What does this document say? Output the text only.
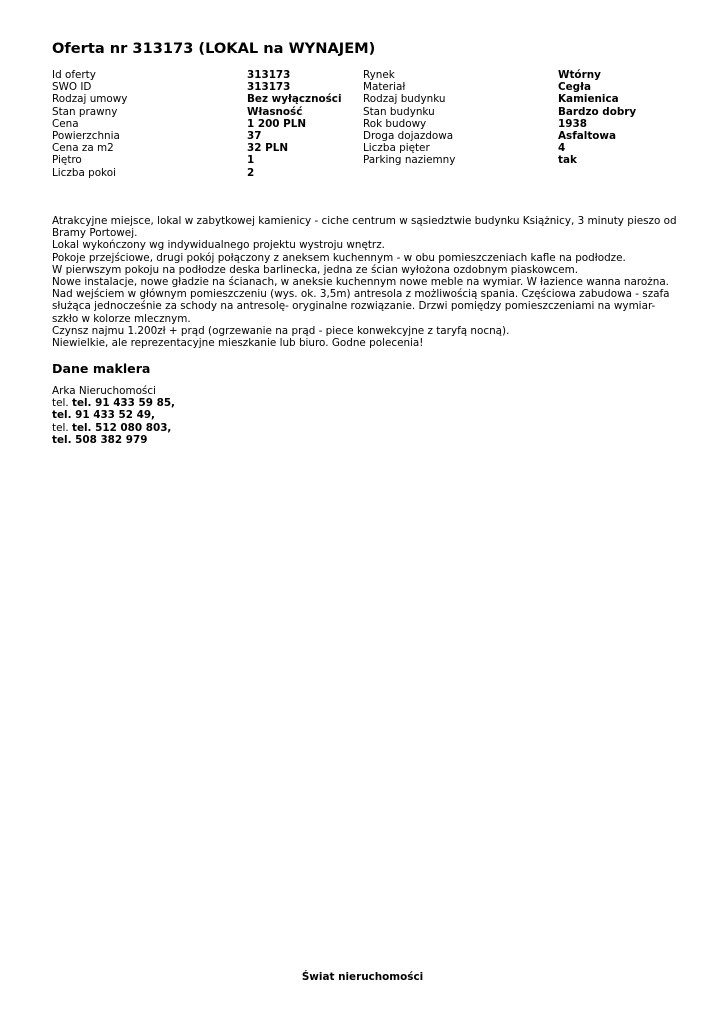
Oferta nr 313173 (LOKAL na WYNAJEM)
Id oferty	313173	Rynek	Wtórny
SWO ID	313173	Materiał	Cegła
Rodzaj umowy	Bez wyłączności	Rodzaj budynku	Kamienica
Stan prawny	Własność	Stan budynku	Bardzo dobry
Cena	1 200 PLN	Rok budowy	1938
Powierzchnia	37	Droga dojazdowa	Asfaltowa
Cena za m2	32 PLN	Liczba pięter	4
Piętro	1	Parking naziemny	tak
Liczba pokoi	2		

Atrakcyjne miejsce, lokal w zabytkowej kamienicy - ciche centrum w sąsiedztwie budynku Książnicy, 3 minuty pieszo od Bramy Portowej.

Lokal wykończony wg indywidualnego projektu wystroju wnętrz.

Pokoje przejściowe, drugi pokój połączony z aneksem kuchennym - w obu pomieszczeniach kafle na podłodze.

W pierwszym pokoju na podłodze deska barlinecka, jedna ze ścian wyłożona ozdobnym piaskowcem.

Nowe instalacje, nowe gładzie na ścianach, w aneksie kuchennym nowe meble na wymiar. W łazience wanna narożna.

Nad wejściem w głównym pomieszczeniu (wys. ok. 3,5m) antresola z możliwością spania. Częściowa zabudowa - szafa służąca jednocześnie za schody na antresolę- oryginalne rozwiązanie. Drzwi pomiędzy pomieszczeniami na wymiar- szkło w kolorze mlecznym.

Czynsz najmu 1.200zł + prąd (ogrzewanie na prąd - piece konwekcyjne z taryfą nocną).

Niewielkie, ale reprezentacyjne mieszkanie lub biuro. Godne polecenia!

Dane maklera
Arka Nieruchomości
tel. tel. 91 433 59 85,
tel. 91 433 52 49,
tel. tel. 512 080 803,
tel. 508 382 979
Świat nieruchomości
